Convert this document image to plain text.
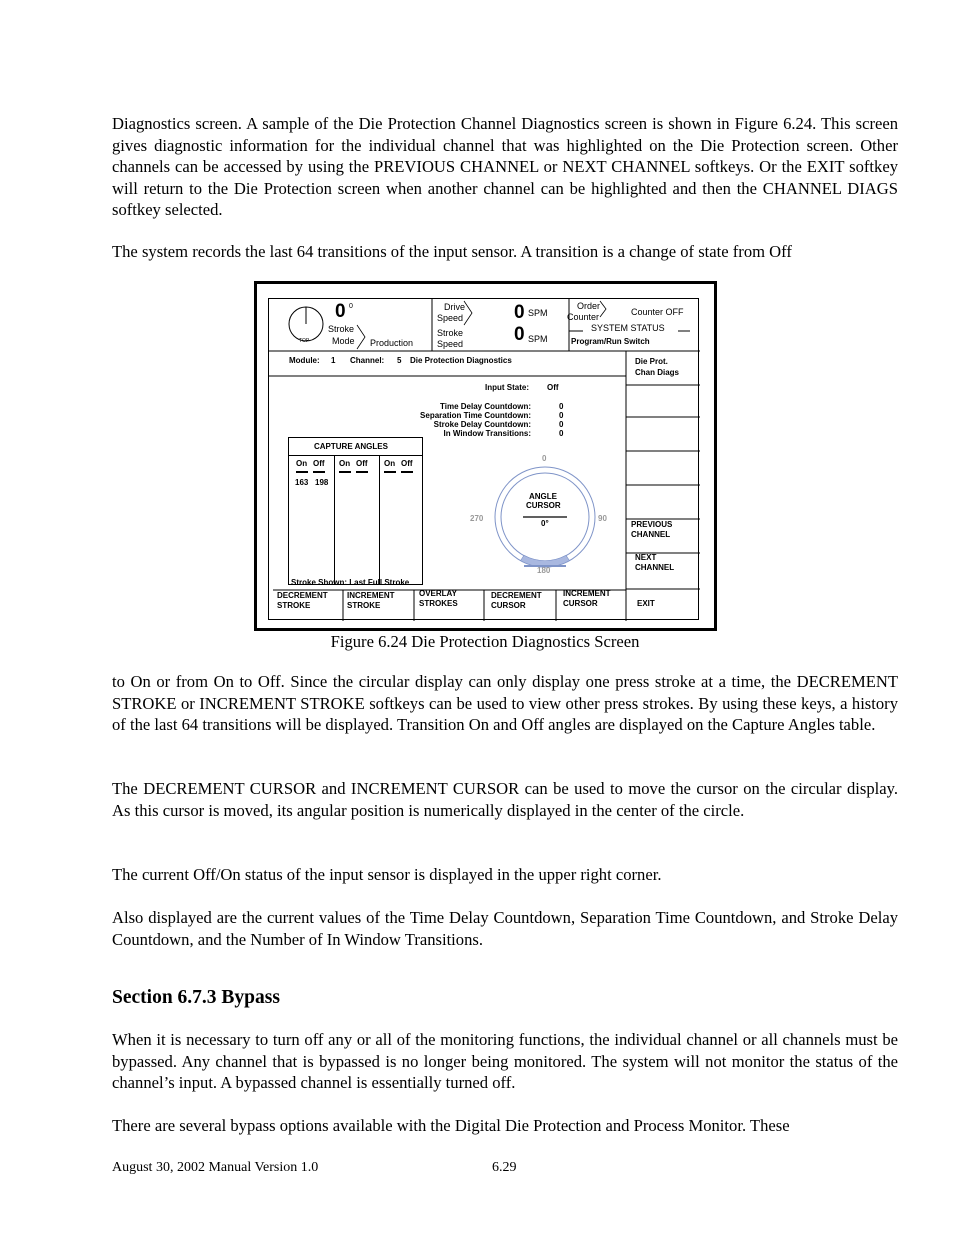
Diagnostics screen. A sample of the Die Protection Channel Diagnostics screen is shown in Figure 6.24. This screen gives diagnostic information for the individual channel that was highlighted on the Die Protection screen. Other channels can be accessed by using the PREVIOUS CHANNEL or NEXT CHANNEL softkeys. Or the EXIT softkey will return to the Die Protection screen when another channel can be highlighted and then the CHANNEL DIAGS softkey selected.

The system records the last 64 transitions of the input sensor. A transition is a change of state from Off

TOP
0 0
Stroke
Mode Production
Drive
Speed
Stroke
Speed
0 SPM
0 SPM
Order
Counter	Counter OFF
SYSTEM STATUS
Program/Run Switch
Module: 1 Channel: 5 Die Protection Diagnostics	Die Prot.
Chan Diags
Input State: Off
Time Delay Countdown:	0
Separation Time Countdown:	0
Stroke Delay Countdown:	0
In Window Transitions:	0
CAPTURE ANGLES
On Off On Off On Off
163 198
0
90
180
270
ANGLE
CURSOR
0°
Stroke Shown: Last Full Stroke
PREVIOUS
CHANNEL
NEXT
CHANNEL
EXIT
DECREMENT
STROKE
INCREMENT
STROKE
OVERLAY
STROKES
DECREMENT
CURSOR
INCREMENT
CURSOR
Figure 6.24 Die Protection Diagnostics Screen

to On or from On to Off. Since the circular display can only display one press stroke at a time, the DECREMENT STROKE or INCREMENT STROKE softkeys can be used to view other press strokes. By using these keys, a history of the last 64 transitions will be displayed. Transition On and Off angles are displayed on the Capture Angles table.

The DECREMENT CURSOR and INCREMENT CURSOR can be used to move the cursor on the circular display. As this cursor is moved, its angular position is numerically displayed in the center of the circle.

The current Off/On status of the input sensor is displayed in the upper right corner.

Also displayed are the current values of the Time Delay Countdown, Separation Time Countdown, and Stroke Delay Countdown, and the Number of In Window Transitions.

Section 6.7.3 Bypass

When it is necessary to turn off any or all of the monitoring functions, the individual channel or all channels must be bypassed. Any channel that is bypassed is no longer being monitored. The system will not monitor the status of the channel’s input. A bypassed channel is essentially turned off.

There are several bypass options available with the Digital Die Protection and Process Monitor. These

August 30, 2002 Manual Version 1.0	6.29
